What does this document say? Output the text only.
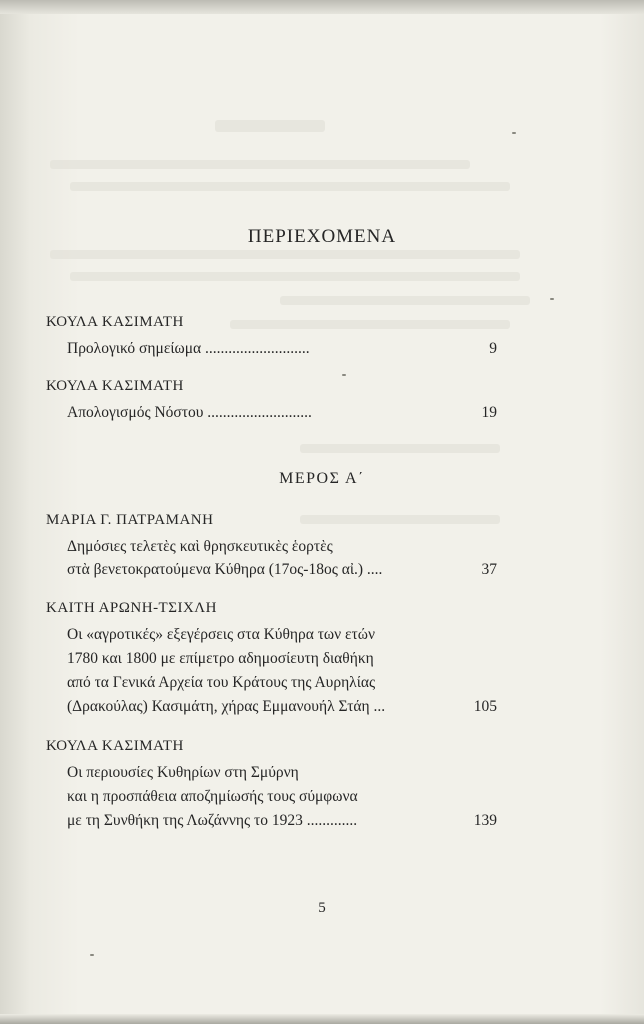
ΠΕΡΙΕΧΟΜΕΝΑ
ΚΟΥΛΑ ΚΑΣΙΜΑΤΗ
Προλογικό σημείωμα ...........................	9
ΚΟΥΛΑ ΚΑΣΙΜΑΤΗ
Απολογισμός Νόστου ...........................	19
ΜΕΡΟΣ Α΄
ΜΑΡΙΑ Γ. ΠΑΤΡΑΜΑΝΗ
Δημόσιες τελετὲς καὶ θρησκευτικὲς ἑορτὲς
στὰ βενετοκρατούμενα Κύθηρα (17ος-18ος αἰ.) ....	37
ΚΑΙΤΗ ΑΡΩΝΗ-ΤΣΙΧΛΗ
Οι «αγροτικές» εξεγέρσεις στα Κύθηρα των ετών
1780 και 1800 με επίμετρο αδημοσίευτη διαθήκη
από τα Γενικά Αρχεία του Κράτους της Αυρηλίας
(Δρακούλας) Κασιμάτη, χήρας Εμμανουήλ Στάη ...	105
ΚΟΥΛΑ ΚΑΣΙΜΑΤΗ
Οι περιουσίες Κυθηρίων στη Σμύρνη
και η προσπάθεια αποζημίωσής τους σύμφωνα
με τη Συνθήκη της Λωζάννης το 1923 .............	139
5
